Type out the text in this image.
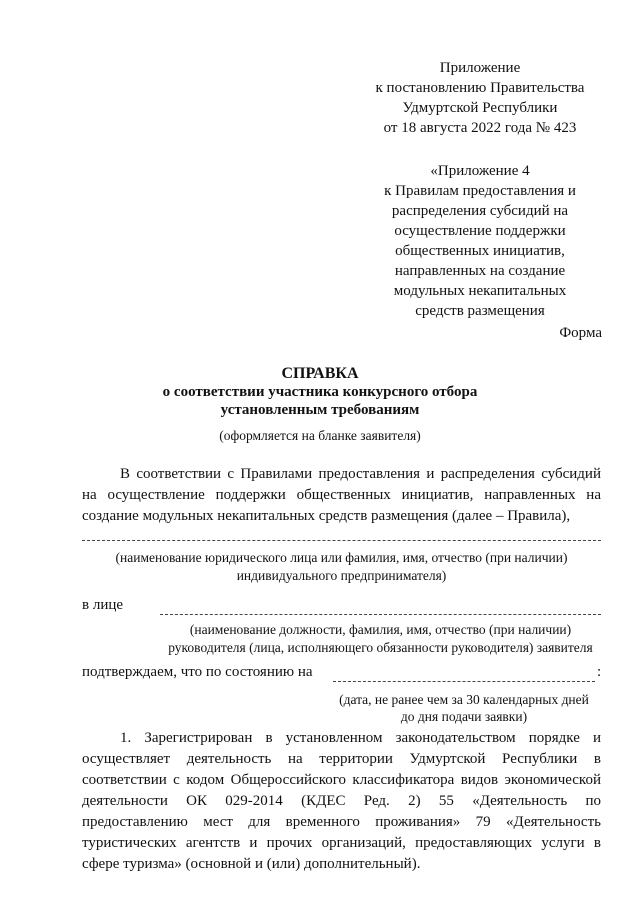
Приложение
к постановлению Правительства
Удмуртской Республики
от 18 августа 2022 года № 423
«Приложение 4
к Правилам предоставления и
распределения субсидий на
осуществление поддержки
общественных инициатив,
направленных на создание
модульных некапитальных
средств размещения
Форма
СПРАВКА
о соответствии участника конкурсного отбора
установленным требованиям
(оформляется на бланке заявителя)
В соответствии с Правилами предоставления и распределения субсидий
на осуществление поддержки общественных инициатив, направленных на
создание модульных некапитальных средств размещения (далее – Правила),
(наименование юридического лица или фамилия, имя, отчество (при наличии)
индивидуального предпринимателя)
в лице
(наименование должности, фамилия, имя, отчество (при наличии)
руководителя (лица, исполняющего обязанности руководителя) заявителя
подтверждаем, что по состоянию на	:
(дата, не ранее чем за 30 календарных дней
до дня подачи заявки)
1. Зарегистрирован в установленном законодательством порядке и
осуществляет деятельность на территории Удмуртской Республики в
соответствии с кодом Общероссийского классификатора видов экономической
деятельности ОК 029-2014 (КДЕС Ред. 2) 55 «Деятельность по
предоставлению мест для временного проживания» 79 «Деятельность
туристических агентств и прочих организаций, предоставляющих услуги в
сфере туризма» (основной и (или) дополнительный).
